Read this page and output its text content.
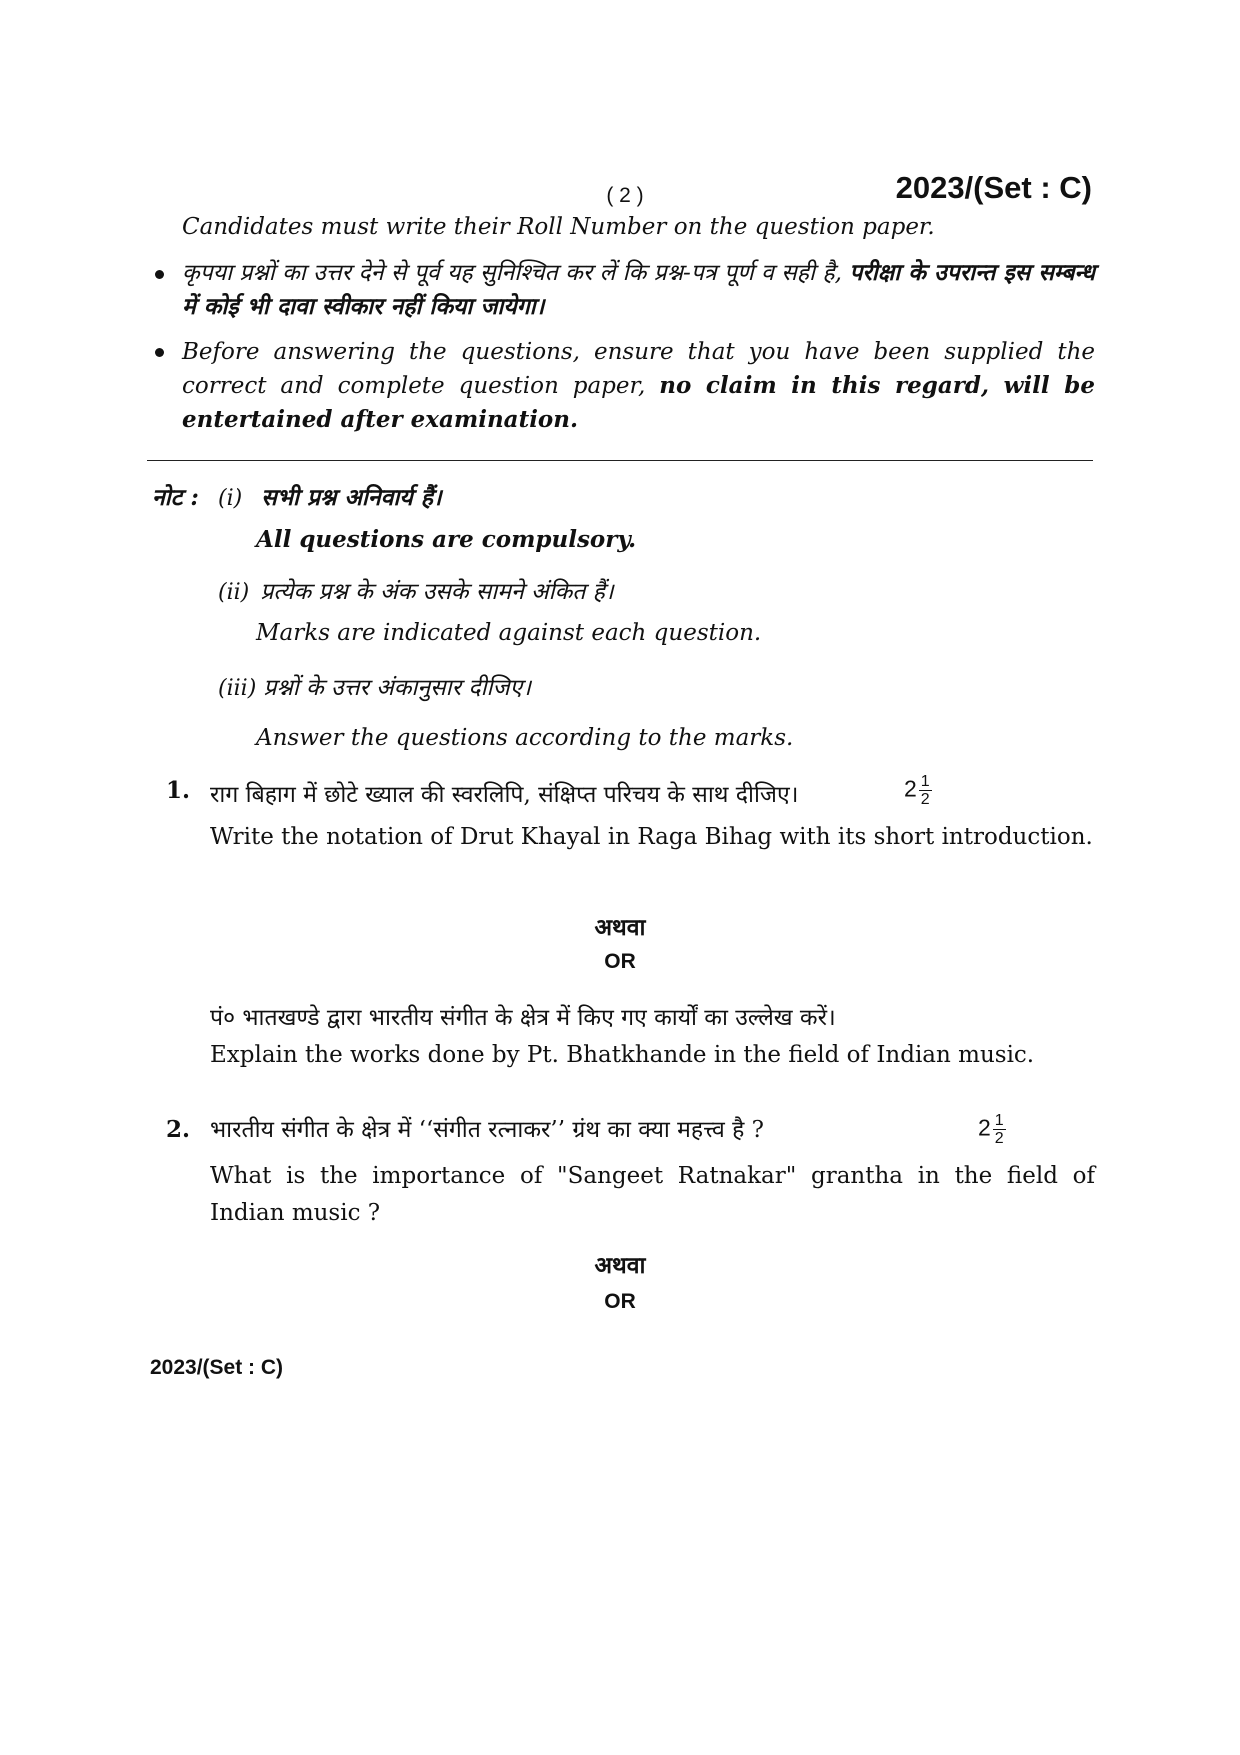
( 2 )	2023/(Set : C)
Candidates must write their Roll Number on the question paper.
कृपया प्रश्नों का उत्तर देने से पूर्व यह सुनिश्चित कर लें कि प्रश्न-पत्र पूर्ण व सही है, परीक्षा के उपरान्त इस सम्बन्ध में कोई भी दावा स्वीकार नहीं किया जायेगा।
Before answering the questions, ensure that you have been supplied the correct and complete question paper, no claim in this regard, will be entertained after examination.
नोट : (i) सभी प्रश्न अनिवार्य हैं।
All questions are compulsory.
(ii) प्रत्येक प्रश्न के अंक उसके सामने अंकित हैं।
Marks are indicated against each question.
(iii) प्रश्नों के उत्तर अंकानुसार दीजिए।
Answer the questions according to the marks.
1. राग बिहाग में छोटे ख्याल की स्वरलिपि, संक्षिप्त परिचय के साथ दीजिए।	$2 \frac{1}{2}$
Write the notation of Drut Khayal in Raga Bihag with its short introduction.
अथवा
OR
पं० भातखण्डे द्वारा भारतीय संगीत के क्षेत्र में किए गए कार्यों का उल्लेख करें।
Explain the works done by Pt. Bhatkhande in the field of Indian music.
2. भारतीय संगीत के क्षेत्र में ‘‘संगीत रत्नाकर’’ ग्रंथ का क्या महत्त्व है ?	$2 \frac{1}{2}$
What is the importance of "Sangeet Ratnakar" grantha in the field of Indian music ?
अथवा
OR
2023/(Set : C)
